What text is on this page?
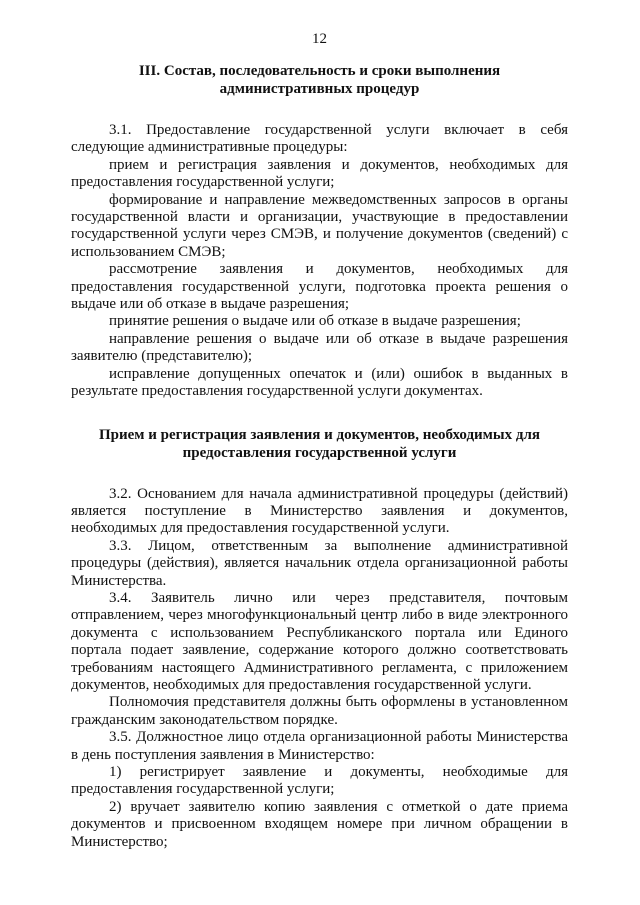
12
III. Состав, последовательность и сроки выполнения
административных процедур

3.1. Предоставление государственной услуги включает в себя следующие административные процедуры:

прием и регистрация заявления и документов, необходимых для предоставления государственной услуги;

формирование и направление межведомственных запросов в органы государственной власти и организации, участвующие в предоставлении государственной услуги через СМЭВ, и получение документов (сведений) с использованием СМЭВ;

рассмотрение заявления и документов, необходимых для предоставления государственной услуги, подготовка проекта решения о выдаче или об отказе в выдаче разрешения;

принятие решения о выдаче или об отказе в выдаче разрешения;

направление решения о выдаче или об отказе в выдаче разрешения заявителю (представителю);

исправление допущенных опечаток и (или) ошибок в выданных в результате предоставления государственной услуги документах.

Прием и регистрация заявления и документов, необходимых для
предоставления государственной услуги

3.2. Основанием для начала административной процедуры (действий) является поступление в Министерство заявления и документов, необходимых для предоставления государственной услуги.

3.3. Лицом, ответственным за выполнение административной процедуры (действия), является начальник отдела организационной работы Министерства.

3.4. Заявитель лично или через представителя, почтовым отправлением, через многофункциональный центр либо в виде электронного документа с использованием Республиканского портала или Единого портала подает заявление, содержание которого должно соответствовать требованиям настоящего Административного регламента, с приложением документов, необходимых для предоставления государственной услуги.

Полномочия представителя должны быть оформлены в установленном гражданским законодательством порядке.

3.5. Должностное лицо отдела организационной работы Министерства в день поступления заявления в Министерство:

1) регистрирует заявление и документы, необходимые для предоставления государственной услуги;

2) вручает заявителю копию заявления с отметкой о дате приема документов и присвоенном входящем номере при личном обращении в Министерство;
